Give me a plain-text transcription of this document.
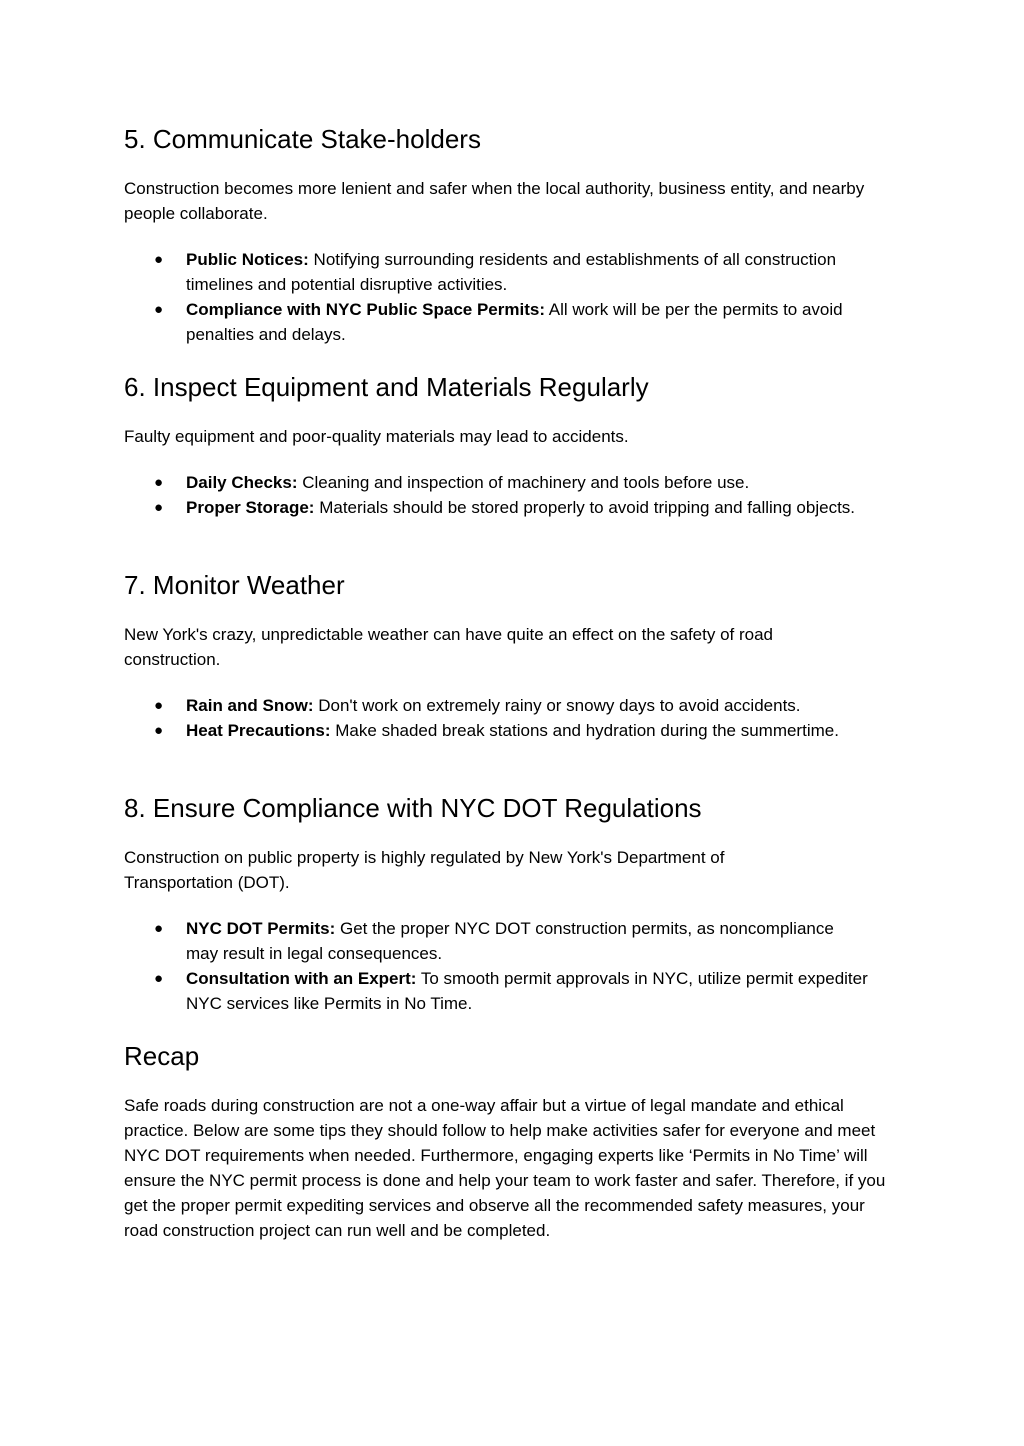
5. Communicate Stake-holders

Construction becomes more lenient and safer when the local authority, business entity, and nearby people collaborate.

● Public Notices: Notifying surrounding residents and establishments of all construction timelines and potential disruptive activities.
● Compliance with NYC Public Space Permits: All work will be per the permits to avoid penalties and delays.
6. Inspect Equipment and Materials Regularly

Faulty equipment and poor-quality materials may lead to accidents.

● Daily Checks: Cleaning and inspection of machinery and tools before use.
● Proper Storage: Materials should be stored properly to avoid tripping and falling objects.
7. Monitor Weather

New York's crazy, unpredictable weather can have quite an effect on the safety of road construction.

● Rain and Snow: Don't work on extremely rainy or snowy days to avoid accidents.
● Heat Precautions: Make shaded break stations and hydration during the summertime.
8. Ensure Compliance with NYC DOT Regulations

Construction on public property is highly regulated by New York's Department of Transportation (DOT).

● NYC DOT Permits: Get the proper NYC DOT construction permits, as noncompliance may result in legal consequences.
● Consultation with an Expert: To smooth permit approvals in NYC, utilize permit expediter NYC services like Permits in No Time.
Recap

Safe roads during construction are not a one-way affair but a virtue of legal mandate and ethical practice. Below are some tips they should follow to help make activities safer for everyone and meet NYC DOT requirements when needed. Furthermore, engaging experts like ‘Permits in No Time’ will ensure the NYC permit process is done and help your team to work faster and safer. Therefore, if you get the proper permit expediting services and observe all the recommended safety measures, your road construction project can run well and be completed.
